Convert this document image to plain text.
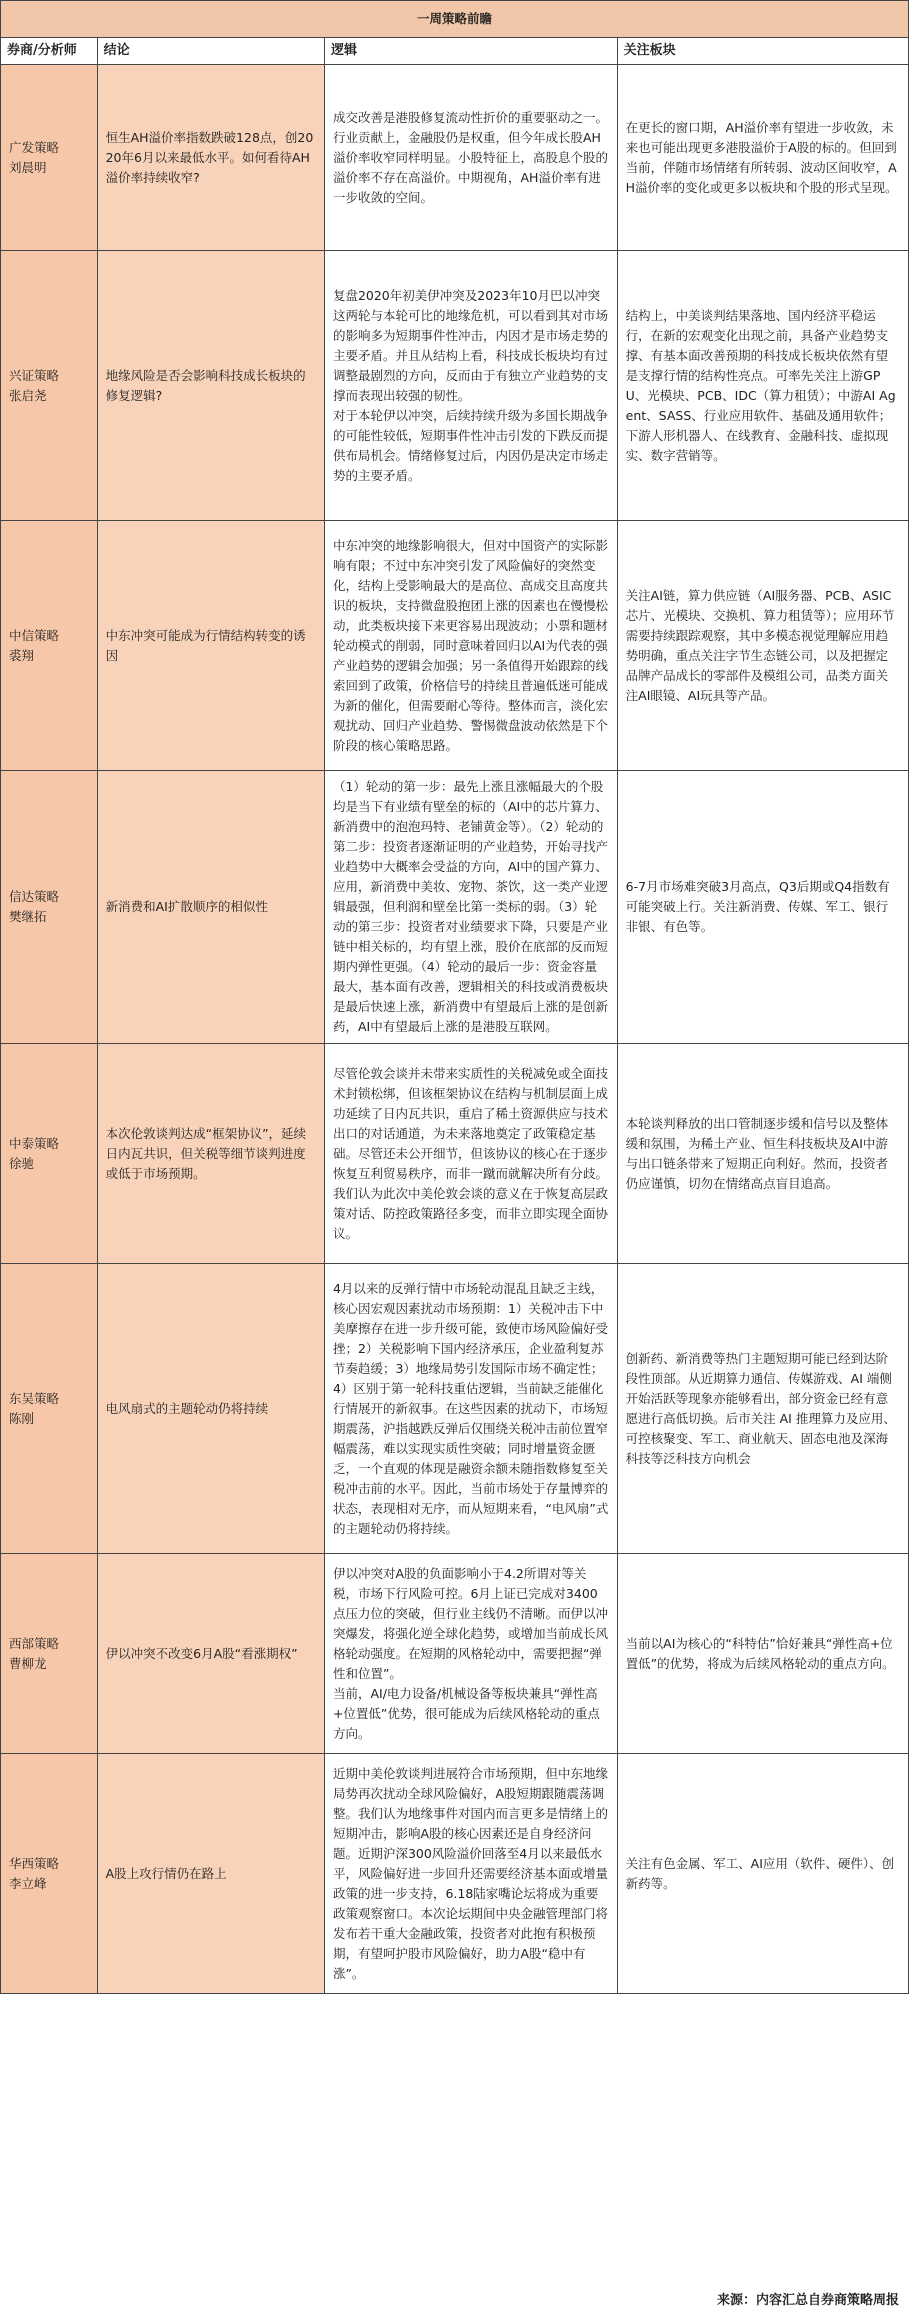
一周策略前瞻			
券商/分析师	结论	逻辑	关注板块

广发策略
刘晨明	恒生AH溢价率指数跌破128点，创2020年6月以来最低水平。如何看待AH溢价率持续收窄?	成交改善是港股修复流动性折价的重要驱动之一。行业贡献上，金融股仍是权重，但今年成长股AH溢价率收窄同样明显。小股特征上，高股息个股的溢价率不存在高溢价。中期视角，AH溢价率有进一步收敛的空间。	在更长的窗口期，AH溢价率有望进一步收敛，未来也可能出现更多港股溢价于A股的标的。但回到当前，伴随市场情绪有所转弱、波动区间收窄，AH溢价率的变化或更多以板块和个股的形式呈现。

兴证策略
张启尧	地缘风险是否会影响科技成长板块的修复逻辑?	复盘2020年初美伊冲突及2023年10月巴以冲突这两轮与本轮可比的地缘危机，可以看到其对市场的影响多为短期事件性冲击，内因才是市场走势的主要矛盾。并且从结构上看，科技成长板块均有过调整最剧烈的方向，反而由于有独立产业趋势的支撑而表现出较强的韧性。
对于本轮伊以冲突，后续持续升级为多国长期战争的可能性较低，短期事件性冲击引发的下跌反而提供布局机会。情绪修复过后，内因仍是决定市场走势的主要矛盾。	结构上，中美谈判结果落地、国内经济平稳运行，在新的宏观变化出现之前，具备产业趋势支撑、有基本面改善预期的科技成长板块依然有望是支撑行情的结构性亮点。可率先关注上游GPU、光模块、PCB、IDC（算力租赁）；中游AI Agent、SASS、行业应用软件、基础及通用软件；下游人形机器人、在线教育、金融科技、虚拟现实、数字营销等。

中信策略
裘翔	中东冲突可能成为行情结构转变的诱因	中东冲突的地缘影响很大，但对中国资产的实际影响有限；不过中东冲突引发了风险偏好的突然变化，结构上受影响最大的是高位、高成交且高度共识的板块，支持微盘股抱团上涨的因素也在慢慢松动，此类板块接下来更容易出现波动；小票和题材轮动模式的削弱，同时意味着回归以AI为代表的强产业趋势的逻辑会加强；另一条值得开始跟踪的线索回到了政策，价格信号的持续且普遍低迷可能成为新的催化，但需要耐心等待。整体而言，淡化宏观扰动、回归产业趋势、警惕微盘波动依然是下个阶段的核心策略思路。	关注AI链，算力供应链（AI服务器、PCB、ASIC芯片、光模块、交换机、算力租赁等）；应用环节需要持续跟踪观察，其中多模态视觉理解应用趋势明确，重点关注字节生态链公司，以及把握定品牌产品成长的零部件及模组公司，品类方面关注AI眼镜、AI玩具等产品。

信达策略
樊继拓	新消费和AI扩散顺序的相似性	（1）轮动的第一步：最先上涨且涨幅最大的个股均是当下有业绩有壁垒的标的（AI中的芯片算力、新消费中的泡泡玛特、老铺黄金等）。（2）轮动的第二步：投资者逐渐证明的产业趋势，开始寻找产业趋势中大概率会受益的方向，AI中的国产算力、应用，新消费中美妆、宠物、茶饮，这一类产业逻辑最强，但利润和壁垒比第一类标的弱。（3）轮动的第三步：投资者对业绩要求下降，只要是产业链中相关标的，均有望上涨，股价在底部的反而短期内弹性更强。（4）轮动的最后一步：资金容量最大，基本面有改善，逻辑相关的科技或消费板块是最后快速上涨，新消费中有望最后上涨的是创新药，AI中有望最后上涨的是港股互联网。	6-7月市场难突破3月高点，Q3后期或Q4指数有可能突破上行。关注新消费、传媒、军工、银行非银、有色等。

中泰策略
徐驰	本次伦敦谈判达成“框架协议”，延续日内瓦共识，但关税等细节谈判进度或低于市场预期。	尽管伦敦会谈并未带来实质性的关税减免或全面技术封锁松绑，但该框架协议在结构与机制层面上成功延续了日内瓦共识，重启了稀土资源供应与技术出口的对话通道，为未来落地奠定了政策稳定基础。尽管还未公开细节，但该协议的核心在于逐步恢复互利贸易秩序，而非一蹴而就解决所有分歧。我们认为此次中美伦敦会谈的意义在于恢复高层政策对话、防控政策路径多变，而非立即实现全面协议。	本轮谈判释放的出口管制逐步缓和信号以及整体缓和氛围，为稀土产业、恒生科技板块及AI中游与出口链条带来了短期正向利好。然而，投资者仍应谨慎，切勿在情绪高点盲目追高。

东吴策略
陈刚	电风扇式的主题轮动仍将持续	4月以来的反弹行情中市场轮动混乱且缺乏主线，核心因宏观因素扰动市场预期：1）关税冲击下中美摩擦存在进一步升级可能，致使市场风险偏好受挫；2）关税影响下国内经济承压，企业盈利复苏节奏趋缓；3）地缘局势引发国际市场不确定性；4）区别于第一轮科技重估逻辑，当前缺乏能催化行情展开的新叙事。在这些因素的扰动下，市场短期震荡，沪指越跌反弹后仅围绕关税冲击前位置窄幅震荡，难以实现实质性突破；同时增量资金匮乏，一个直观的体现是融资余额未随指数修复至关税冲击前的水平。因此，当前市场处于存量博弈的状态，表现相对无序，而从短期来看，“电风扇”式的主题轮动仍将持续。	创新药、新消费等热门主题短期可能已经到达阶段性顶部。从近期算力通信、传媒游戏、AI 端侧开始活跃等现象亦能够看出，部分资金已经有意愿进行高低切换。后市关注 AI 推理算力及应用、可控核聚变、军工、商业航天、固态电池及深海科技等泛科技方向机会

西部策略
曹柳龙	伊以冲突不改变6月A股“看涨期权”	伊以冲突对A股的负面影响小于4.2所谓对等关税，市场下行风险可控。6月上证已完成对3400点压力位的突破，但行业主线仍不清晰。而伊以冲突爆发，将强化逆全球化趋势，或增加当前成长风格轮动强度。在短期的风格轮动中，需要把握“弹性和位置”。
当前，AI/电力设备/机械设备等板块兼具“弹性高+位置低”优势，很可能成为后续风格轮动的重点方向。	当前以AI为核心的“科特估”恰好兼具“弹性高+位置低”的优势，将成为后续风格轮动的重点方向。

华西策略
李立峰	A股上攻行情仍在路上	近期中美伦敦谈判进展符合市场预期，但中东地缘局势再次扰动全球风险偏好，A股短期跟随震荡调整。我们认为地缘事件对国内而言更多是情绪上的短期冲击，影响A股的核心因素还是自身经济问题。近期沪深300风险溢价回落至4月以来最低水平，风险偏好进一步回升还需要经济基本面或增量政策的进一步支持，6.18陆家嘴论坛将成为重要政策观察窗口。本次论坛期间中央金融管理部门将发布若干重大金融政策，投资者对此抱有积极预期，有望呵护股市风险偏好，助力A股“稳中有涨”。	关注有色金属、军工、AI应用（软件、硬件）、创新药等。
来源：内容汇总自券商策略周报
